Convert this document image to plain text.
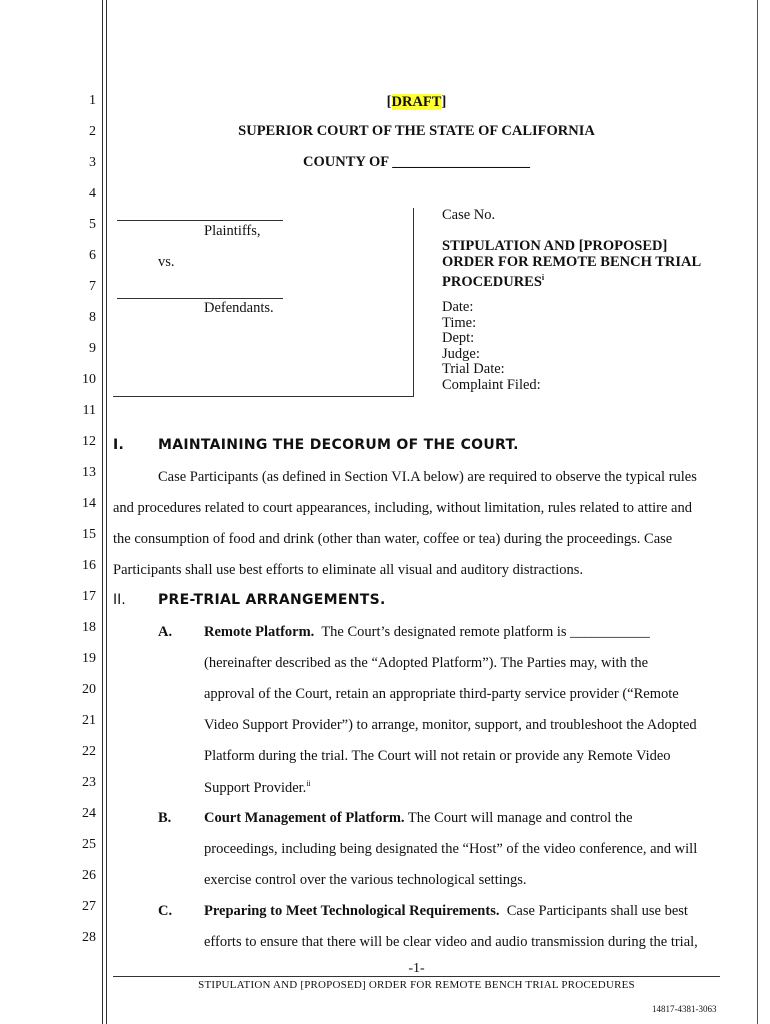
1
2
3
4
5
6
7
8
9
10
11
12
13
14
15
16
17
18
19
20
21
22
23
24
25
26
27
28
[DRAFT]
SUPERIOR COURT OF THE STATE OF CALIFORNIA
COUNTY OF ___________________
Plaintiffs,
vs.
Defendants.
Case No.
STIPULATION AND [PROPOSED]
ORDER FOR REMOTE BENCH TRIAL
PROCEDURES$^i$
Date:
Time:
Dept:
Judge:
Trial Date:
Complaint Filed:
I. MAINTAINING THE DECORUM OF THE COURT.
Case Participants (as defined in Section VI.A below) are required to observe the typical rules
and procedures related to court appearances, including, without limitation, rules related to attire and
the consumption of food and drink (other than water, coffee or tea) during the proceedings. Case
Participants shall use best efforts to eliminate all visual and auditory distractions.
II. PRE-TRIAL ARRANGEMENTS.
A. Remote Platform. The Court’s designated remote platform is ___________
(hereinafter described as the “Adopted Platform”). The Parties may, with the
approval of the Court, retain an appropriate third-party service provider (“Remote
Video Support Provider”) to arrange, monitor, support, and troubleshoot the Adopted
Platform during the trial. The Court will not retain or provide any Remote Video
Support Provider.$^{ii}$
B. Court Management of Platform. The Court will manage and control the
proceedings, including being designated the “Host” of the video conference, and will
exercise control over the various technological settings.
C. Preparing to Meet Technological Requirements. Case Participants shall use best
efforts to ensure that there will be clear video and audio transmission during the trial,
-1-
STIPULATION AND [PROPOSED] ORDER FOR REMOTE BENCH TRIAL PROCEDURES
14817-4381-3063
